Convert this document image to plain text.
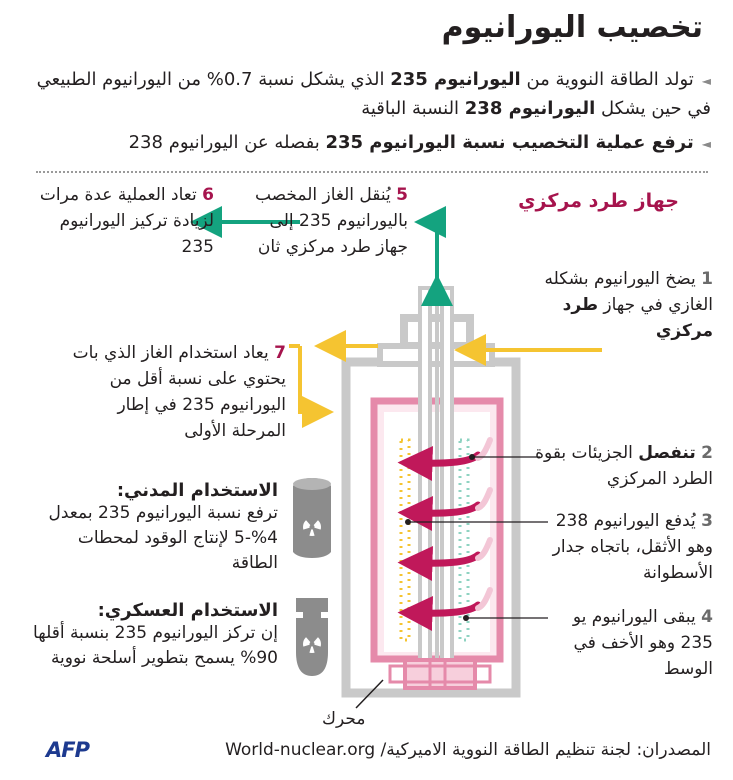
تخصيب اليورانيوم
◄تولد الطاقة النووية من اليورانيوم 235 الذي يشكل نسبة 0.7% من اليورانيوم الطبيعي في حين يشكل اليورانيوم 238 النسبة الباقية
◄ترفع عملية التخصيب نسبة اليورانيوم 235 بفصله عن اليورانيوم 238
جهاز طرد مركزي
5 يُنقل الغاز المخصب باليورانيوم 235 إلى جهاز طرد مركزي ثان
6 تعاد العملية عدة مرات لزيادة تركيز اليورانيوم 235
1 يضخ اليورانيوم بشكله الغازي في جهاز طرد مركزي
7 يعاد استخدام الغاز الذي بات يحتوي على نسبة أقل من اليورانيوم 235 في إطار المرحلة الأولى
2 تنفصل الجزيئات بقوة الطرد المركزي
3 يُدفع اليورانيوم 238 وهو الأثقل، باتجاه جدار الأسطوانة
4 يبقى اليورانيوم يو 235 وهو الأخف في الوسط
الاستخدام المدني:
ترفع نسبة اليورانيوم 235 بمعدل 4%-5 لإنتاج الوقود لمحطات الطاقة
الاستخدام العسكري:
إن تركز اليورانيوم 235 بنسبة أقلها 90% يسمح بتطوير أسلحة نووية
محرك
المصدران: لجنة تنظيم الطاقة النووية الاميركية/ World-nuclear.org
AFP
